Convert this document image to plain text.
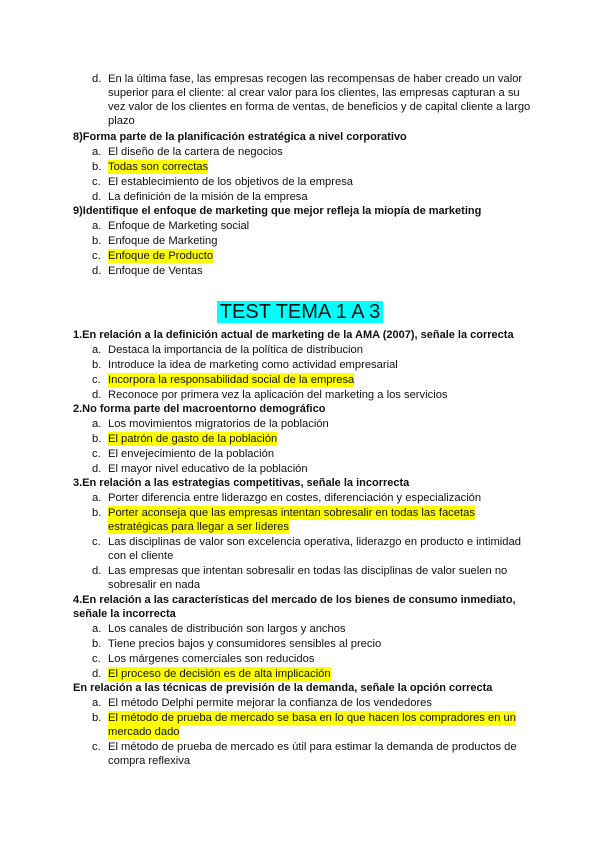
d. En la última fase, las empresas recogen las recompensas de haber creado un valor
superior para el cliente: al crear valor para los clientes, las empresas capturan a su
vez valor de los clientes en forma de ventas, de beneficios y de capital cliente a largo
plazo
8)Forma parte de la planificación estratégica a nivel corporativo
a. El diseño de la cartera de negocios
b. Todas son correctas
c. El establecimiento de los objetivos de la empresa
d. La definición de la misión de la empresa
9)Identifique el enfoque de marketing que mejor refleja la miopía de marketing
a. Enfoque de Marketing social
b. Enfoque de Marketing
c. Enfoque de Producto
d. Enfoque de Ventas
TEST TEMA 1 A 3
1.En relación a la definición actual de marketing de la AMA (2007), señale la correcta
a. Destaca la importancia de la política de distribucion
b. Introduce la idea de marketing como actividad empresarial
c. Incorpora la responsabilidad social de la empresa
d. Reconoce por primera vez la aplicación del marketing a los servicios
2.No forma parte del macroentorno demográfico
a. Los movimientos migratorios de la población
b. El patrón de gasto de la población
c. El envejecimiento de la población
d. El mayor nivel educativo de la población
3.En relación a las estrategias competitivas, señale la incorrecta
a. Porter diferencia entre liderazgo en costes, diferenciación y especialización
b. Porter aconseja que las empresas intentan sobresalir en todas las facetas
estratégicas para llegar a ser líderes
c. Las disciplinas de valor son excelencia operativa, liderazgo en producto e intimidad
con el cliente
d. Las empresas que intentan sobresalir en todas las disciplinas de valor suelen no
sobresalir en nada
4.En relación a las características del mercado de los bienes de consumo inmediato,
señale la incorrecta
a. Los canales de distribución son largos y anchos
b. Tiene precios bajos y consumidores sensibles al precio
c. Los márgenes comerciales son reducidos
d. El proceso de decisión es de alta implicación
En relación a las técnicas de previsión de la demanda, señale la opción correcta
a. El método Delphi permite mejorar la confianza de los vendedores
b. El método de prueba de mercado se basa en lo que hacen los compradores en un
mercado dado
c. El método de prueba de mercado es útil para estimar la demanda de productos de
compra reflexiva
